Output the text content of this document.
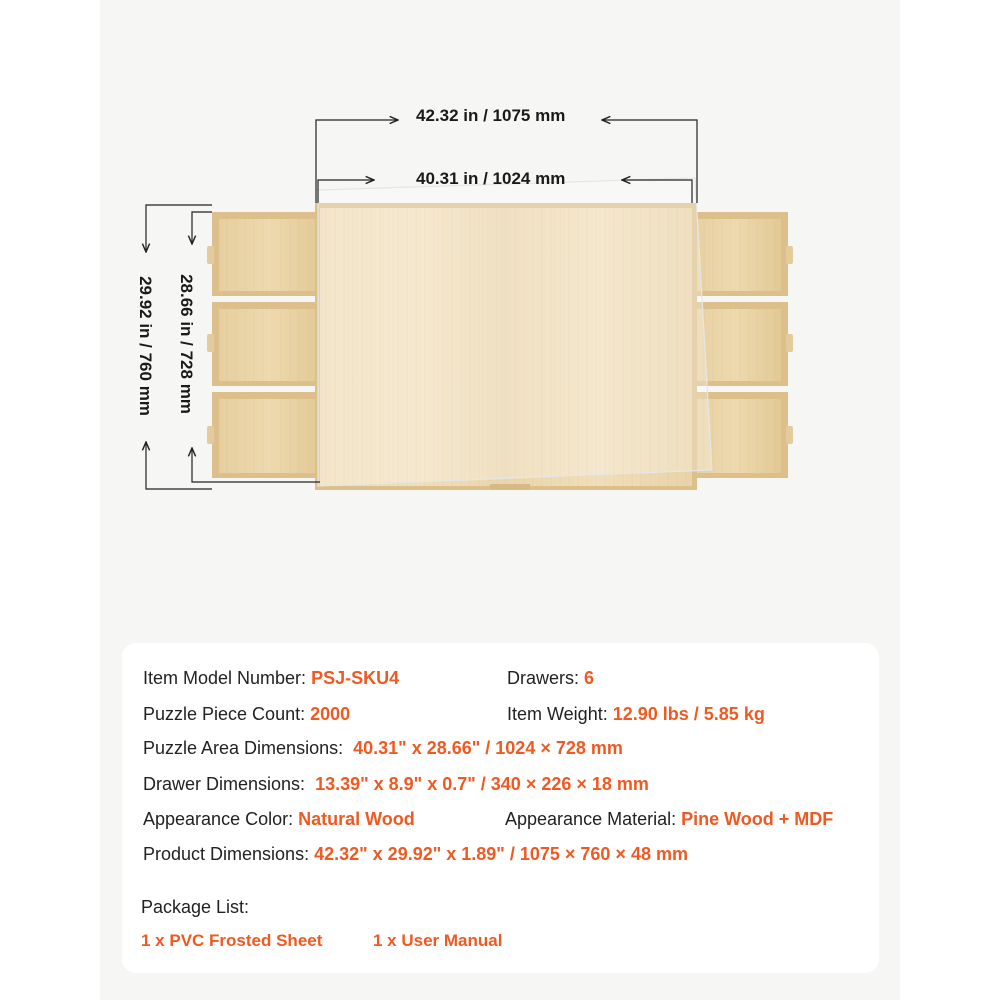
42.32 in / 1075 mm
40.31 in / 1024 mm
29.92 in / 760 mm 28.66 in / 728 mm
Item Model Number: PSJ-SKU4	Drawers: 6
Puzzle Piece Count: 2000	Item Weight: 12.90 lbs / 5.85 kg
Puzzle Area Dimensions: 40.31" x 28.66" / 1024 × 728 mm
Drawer Dimensions: 13.39" x 8.9" x 0.7" / 340 × 226 × 18 mm
Appearance Color: Natural Wood	Appearance Material: Pine Wood + MDF
Product Dimensions: 42.32" x 29.92" x 1.89" / 1075 × 760 × 48 mm
Package List:
1 x PVC Frosted Sheet	1 x User Manual
